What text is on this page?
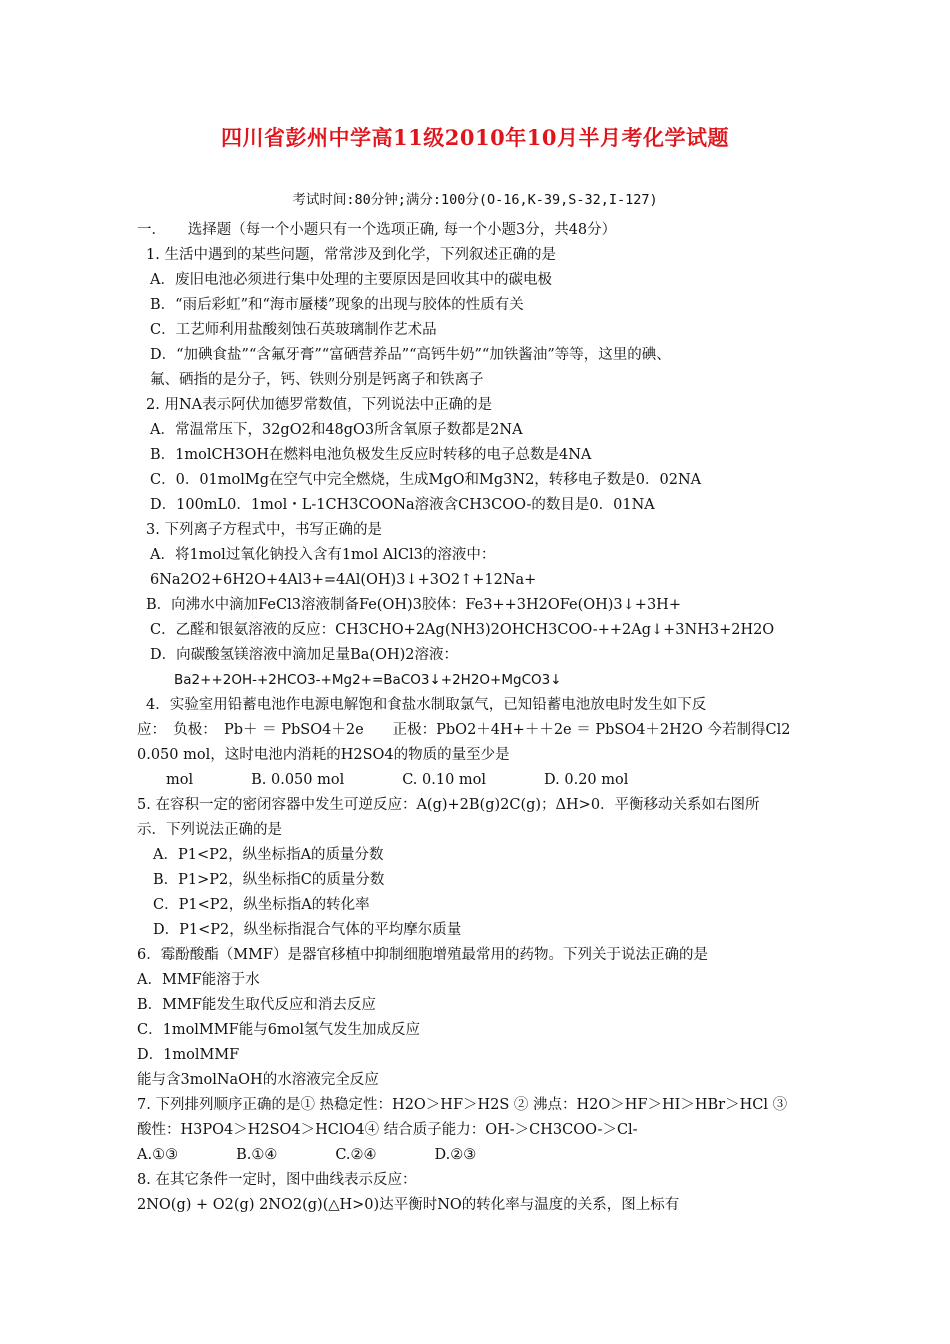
四川省彭州中学高11级2010年10月半月考化学试题
考试时间:80分钟;满分:100分(O-16,K-39,S-32,I-127)
一．　　选择题（每一个小题只有一个选项正确, 每一个小题3分，共48分）
1. 生活中遇到的某些问题，常常涉及到化学，下列叙述正确的是
A．废旧电池必须进行集中处理的主要原因是回收其中的碳电极
B．“雨后彩虹”和“海市蜃楼”现象的出现与胶体的性质有关
C．工艺师利用盐酸刻蚀石英玻璃制作艺术品
D．“加碘食盐”“含氟牙膏”“富硒营养品”“高钙牛奶”“加铁酱油”等等，这里的碘、
氟、硒指的是分子，钙、铁则分别是钙离子和铁离子
2. 用NA表示阿伏加德罗常数值，下列说法中正确的是
A．常温常压下，32gO2和48gO3所含氧原子数都是2NA
B．1molCH3OH在燃料电池负极发生反应时转移的电子总数是4NA
C．0．01molMg在空气中完全燃烧，生成MgO和Mg3N2，转移电子数是0．02NA
D．100mL0．1mol・L-1CH3COONa溶液含CH3COO-的数目是0．01NA
3. 下列离子方程式中，书写正确的是
A．将1mol过氧化钠投入含有1mol AlCl3的溶液中：
6Na2O2+6H2O+4Al3+=4Al(OH)3↓+3O2↑+12Na+
B．向沸水中滴加FeCl3溶液制备Fe(OH)3胶体：Fe3++3H2OFe(OH)3↓+3H+
C．乙醛和银氨溶液的反应：CH3CHO+2Ag(NH3)2OHCH3COO-++2Ag↓+3NH3+2H2O
D．向碳酸氢镁溶液中滴加足量Ba(OH)2溶液：
Ba2++2OH-+2HCO3-+Mg2+=BaCO3↓+2H2O+MgCO3↓
4．实验室用铅蓄电池作电源电解饱和食盐水制取氯气，已知铅蓄电池放电时发生如下反
应：　负极：　Pb＋ ＝ PbSO4＋2e　　正极：PbO2＋4H+＋＋2e ＝ PbSO4＋2H2O 今若制得Cl2
0.050 mol，这时电池内消耗的H2SO4的物质的量至少是
mol　　　　B. 0.050 mol　　　　C. 0.10 mol　　　　D. 0.20 mol
5. 在容积一定的密闭容器中发生可逆反应：A(g)+2B(g)2C(g)；ΔH>0．平衡移动关系如右图所
示．下列说法正确的是
A．P1<P2，纵坐标指A的质量分数
B．P1>P2，纵坐标指C的质量分数
C．P1<P2，纵坐标指A的转化率
D．P1<P2，纵坐标指混合气体的平均摩尔质量
6．霉酚酸酯（MMF）是器官移植中抑制细胞增殖最常用的药物。下列关于说法正确的是
A．MMF能溶于水
B．MMF能发生取代反应和消去反应
C．1molMMF能与6mol氢气发生加成反应
D．1molMMF
能与含3molNaOH的水溶液完全反应
7. 下列排列顺序正确的是① 热稳定性：H2O＞HF＞H2S ② 沸点：H2O＞HF＞HI＞HBr＞HCl ③
酸性：H3PO4＞H2SO4＞HClO4④ 结合质子能力：OH-＞CH3COO-＞Cl-
A.①③　　　　B.①④　　　　C.②④　　　　D.②③
8. 在其它条件一定时，图中曲线表示反应：
2NO(g) + O2(g) 2NO2(g)(△H>0)达平衡时NO的转化率与温度的关系，图上标有
